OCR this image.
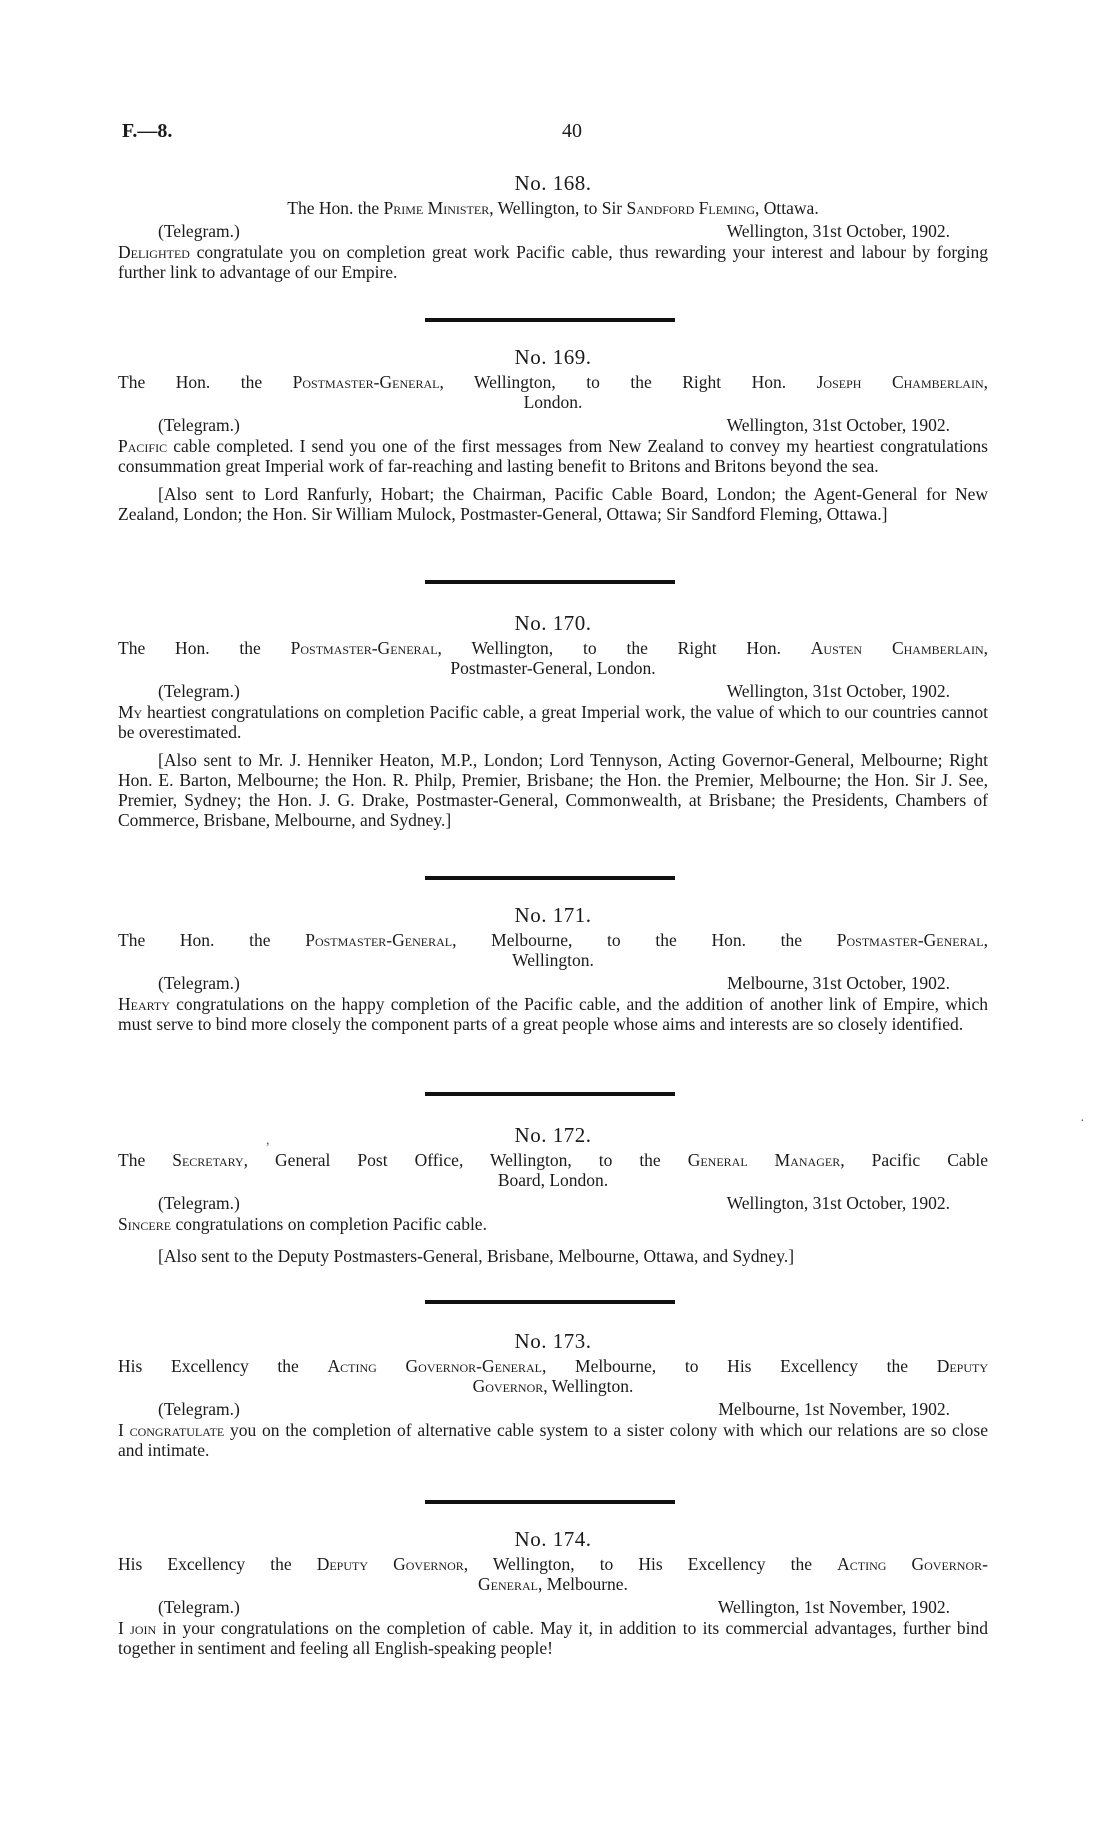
F.—8.	40

No. 168.

The Hon. the Prime Minister, Wellington, to Sir Sandford Fleming, Ottawa.

(Telegram.)	Wellington, 31st October, 1902.

Delighted congratulate you on completion great work Pacific cable, thus rewarding your interest and labour by forging further link to advantage of our Empire.

No. 169.

The Hon. the Postmaster-General, Wellington, to the Right Hon. Joseph Chamberlain,

London.

(Telegram.)	Wellington, 31st October, 1902.

Pacific cable completed. I send you one of the first messages from New Zealand to convey my heartiest congratulations consummation great Imperial work of far-reaching and lasting benefit to Britons and Britons beyond the sea.

[Also sent to Lord Ranfurly, Hobart; the Chairman, Pacific Cable Board, London; the Agent-General for New Zealand, London; the Hon. Sir William Mulock, Postmaster-General, Ottawa; Sir Sandford Fleming, Ottawa.]

No. 170.

The Hon. the Postmaster-General, Wellington, to the Right Hon. Austen Chamberlain,

Postmaster-General, London.

(Telegram.)	Wellington, 31st October, 1902.

My heartiest congratulations on completion Pacific cable, a great Imperial work, the value of which to our countries cannot be overestimated.

[Also sent to Mr. J. Henniker Heaton, M.P., London; Lord Tennyson, Acting Governor-General, Melbourne; Right Hon. E. Barton, Melbourne; the Hon. R. Philp, Premier, Brisbane; the Hon. the Premier, Melbourne; the Hon. Sir J. See, Premier, Sydney; the Hon. J. G. Drake, Postmaster-General, Commonwealth, at Brisbane; the Presidents, Chambers of Commerce, Brisbane, Melbourne, and Sydney.]

No. 171.

The Hon. the Postmaster-General, Melbourne, to the Hon. the Postmaster-General,

Wellington.

(Telegram.)	Melbourne, 31st October, 1902.

Hearty congratulations on the happy completion of the Pacific cable, and the addition of another link of Empire, which must serve to bind more closely the component parts of a great people whose aims and interests are so closely identified.

No. 172.

The Secretary, General Post Office, Wellington, to the General Manager, Pacific Cable

Board, London.

(Telegram.)	Wellington, 31st October, 1902.

Sincere congratulations on completion Pacific cable.

[Also sent to the Deputy Postmasters-General, Brisbane, Melbourne, Ottawa, and Sydney.]

No. 173.

His Excellency the Acting Governor-General, Melbourne, to His Excellency the Deputy

Governor, Wellington.

(Telegram.)	Melbourne, 1st November, 1902.

I congratulate you on the completion of alternative cable system to a sister colony with which our relations are so close and intimate.

No. 174.

His Excellency the Deputy Governor, Wellington, to His Excellency the Acting Governor-

General, Melbourne.

(Telegram.)	Wellington, 1st November, 1902.

I join in your congratulations on the completion of cable. May it, in addition to its commercial advantages, further bind together in sentiment and feeling all English-speaking people!

·
,
